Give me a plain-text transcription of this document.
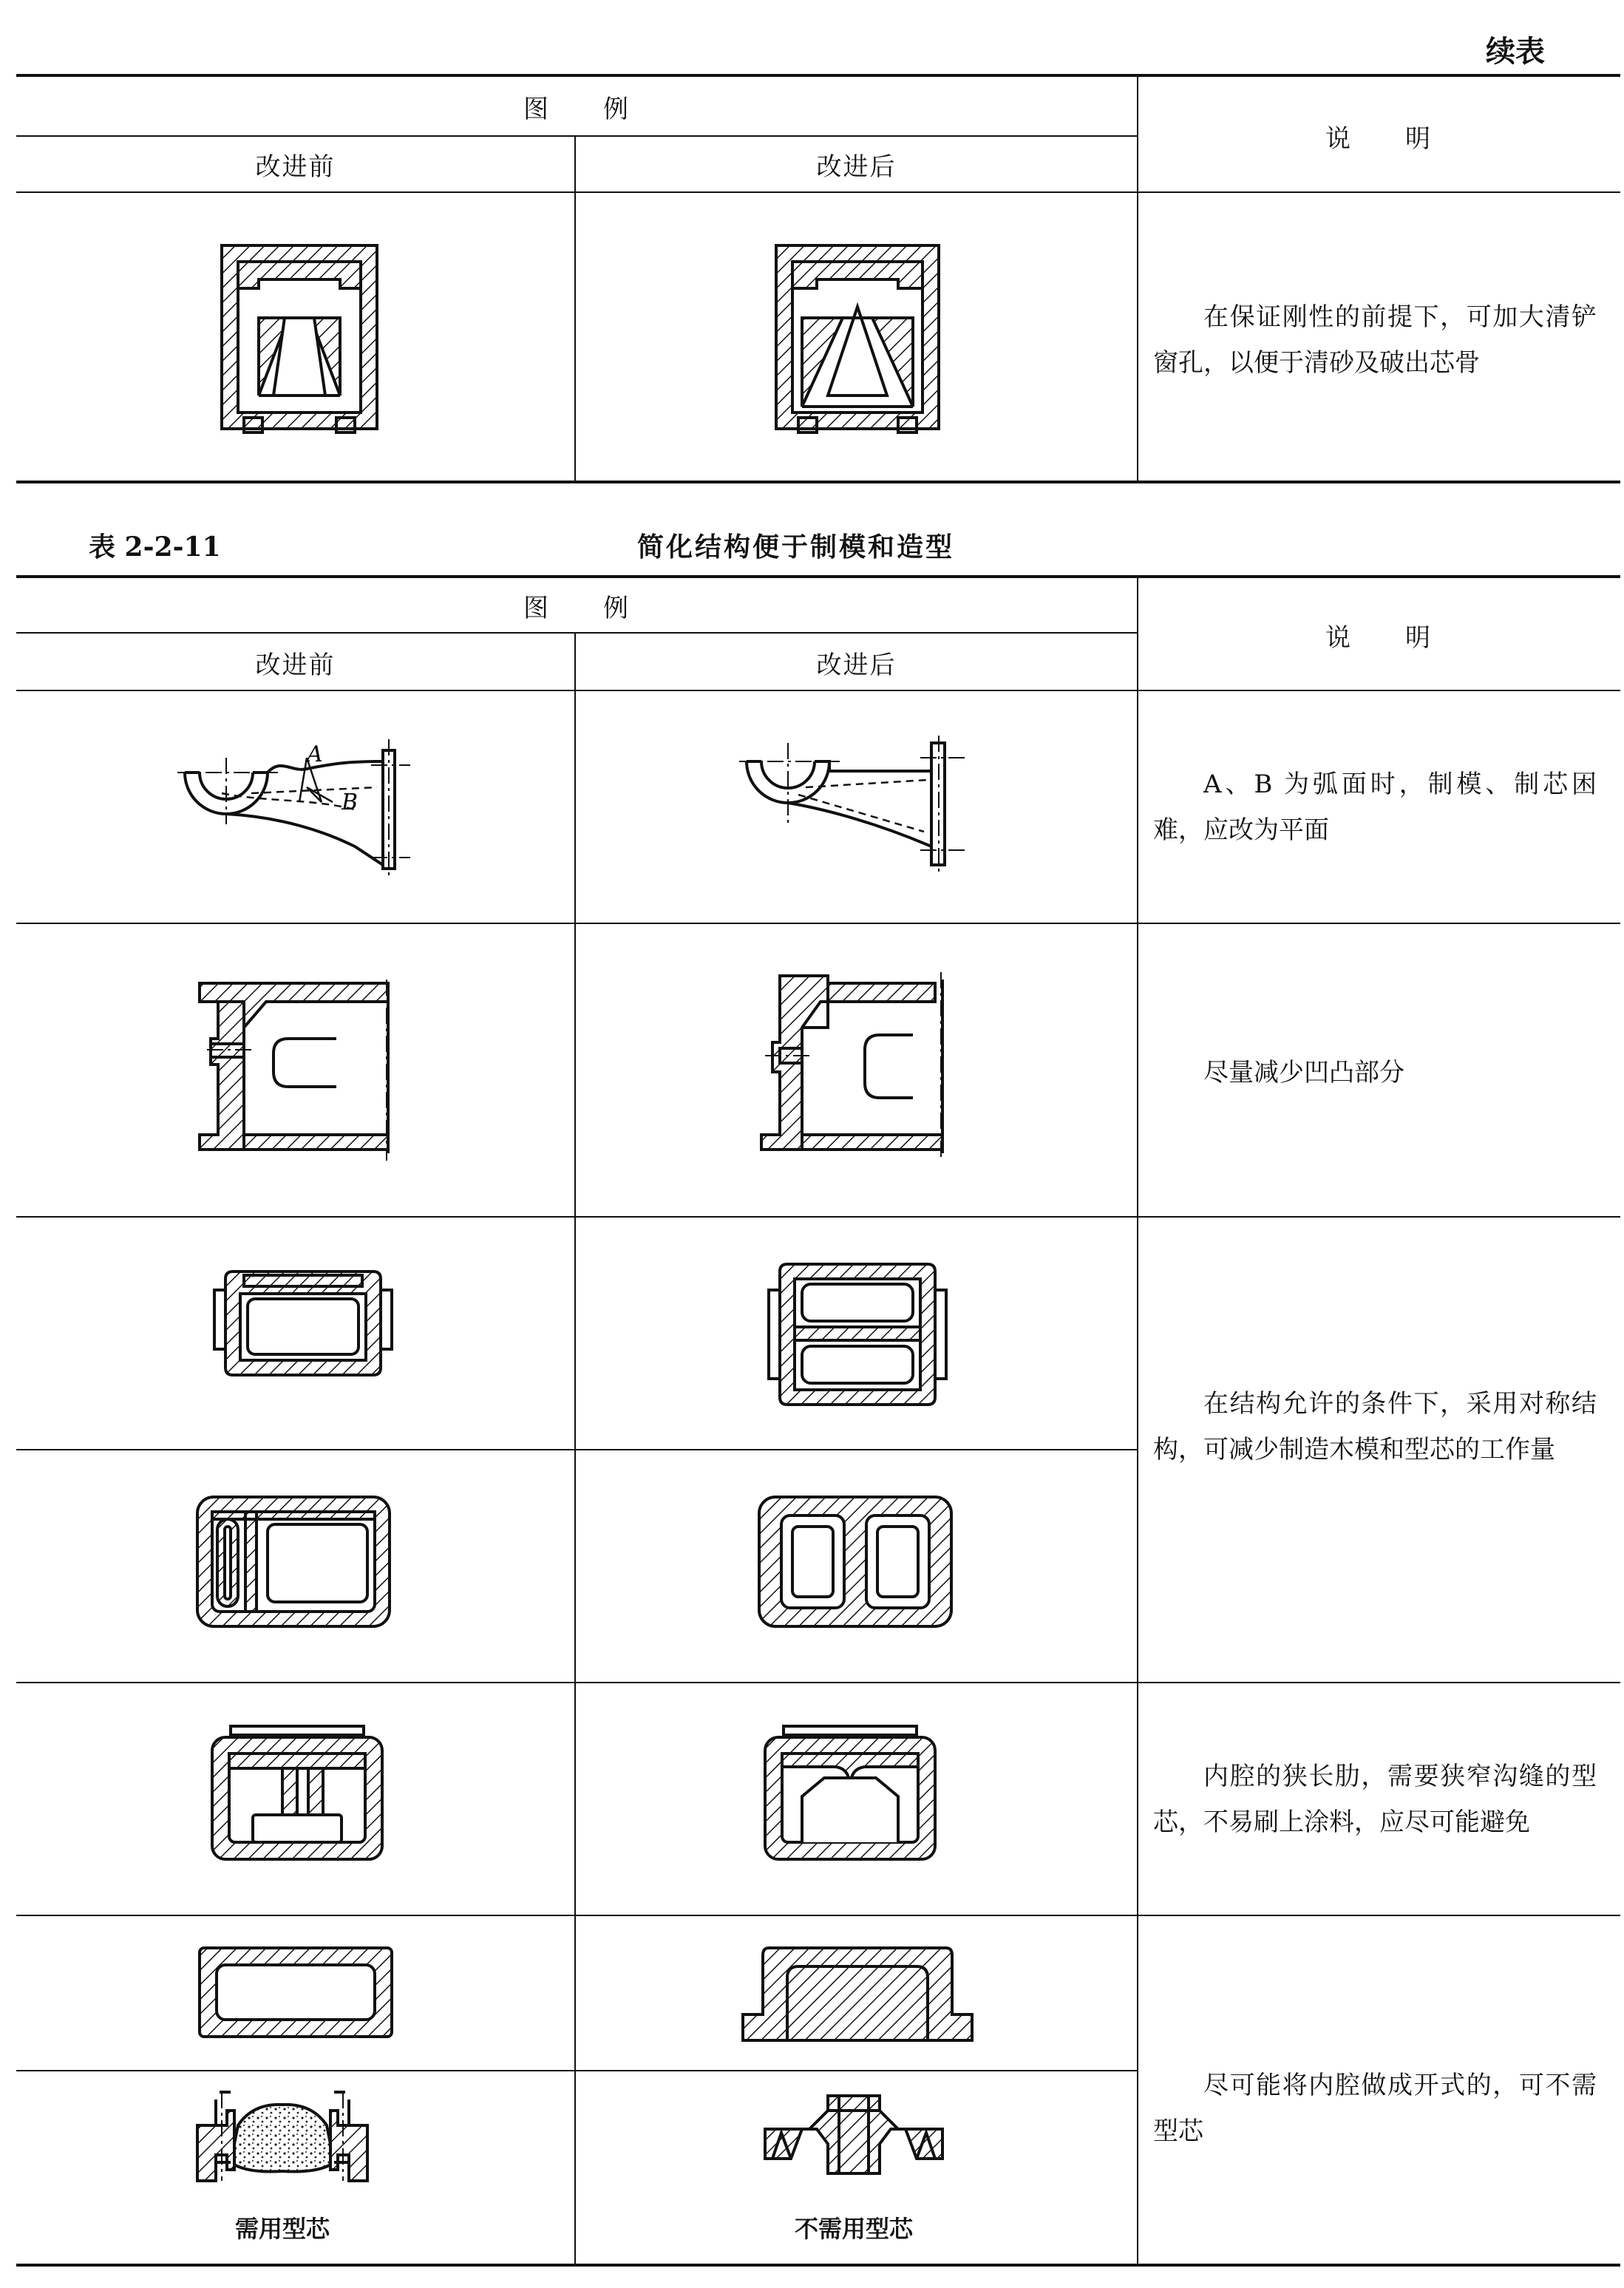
续表
图　　例
改进前	改进后
说　　明
在保证刚性的前提下，可加大清铲窗孔，以便于清砂及破出芯骨
表 2-2-11	简化结构便于制模和造型
图　　例
改进前	改进后
说　　明
A
B
A、B 为弧面时，制模、制芯困难，应改为平面
尽量减少凹凸部分
在结构允许的条件下，采用对称结构，可减少制造木模和型芯的工作量
内腔的狭长肋，需要狭窄沟缝的型芯，不易刷上涂料，应尽可能避免
需用型芯	不需用型芯
尽可能将内腔做成开式的，可不需型芯
